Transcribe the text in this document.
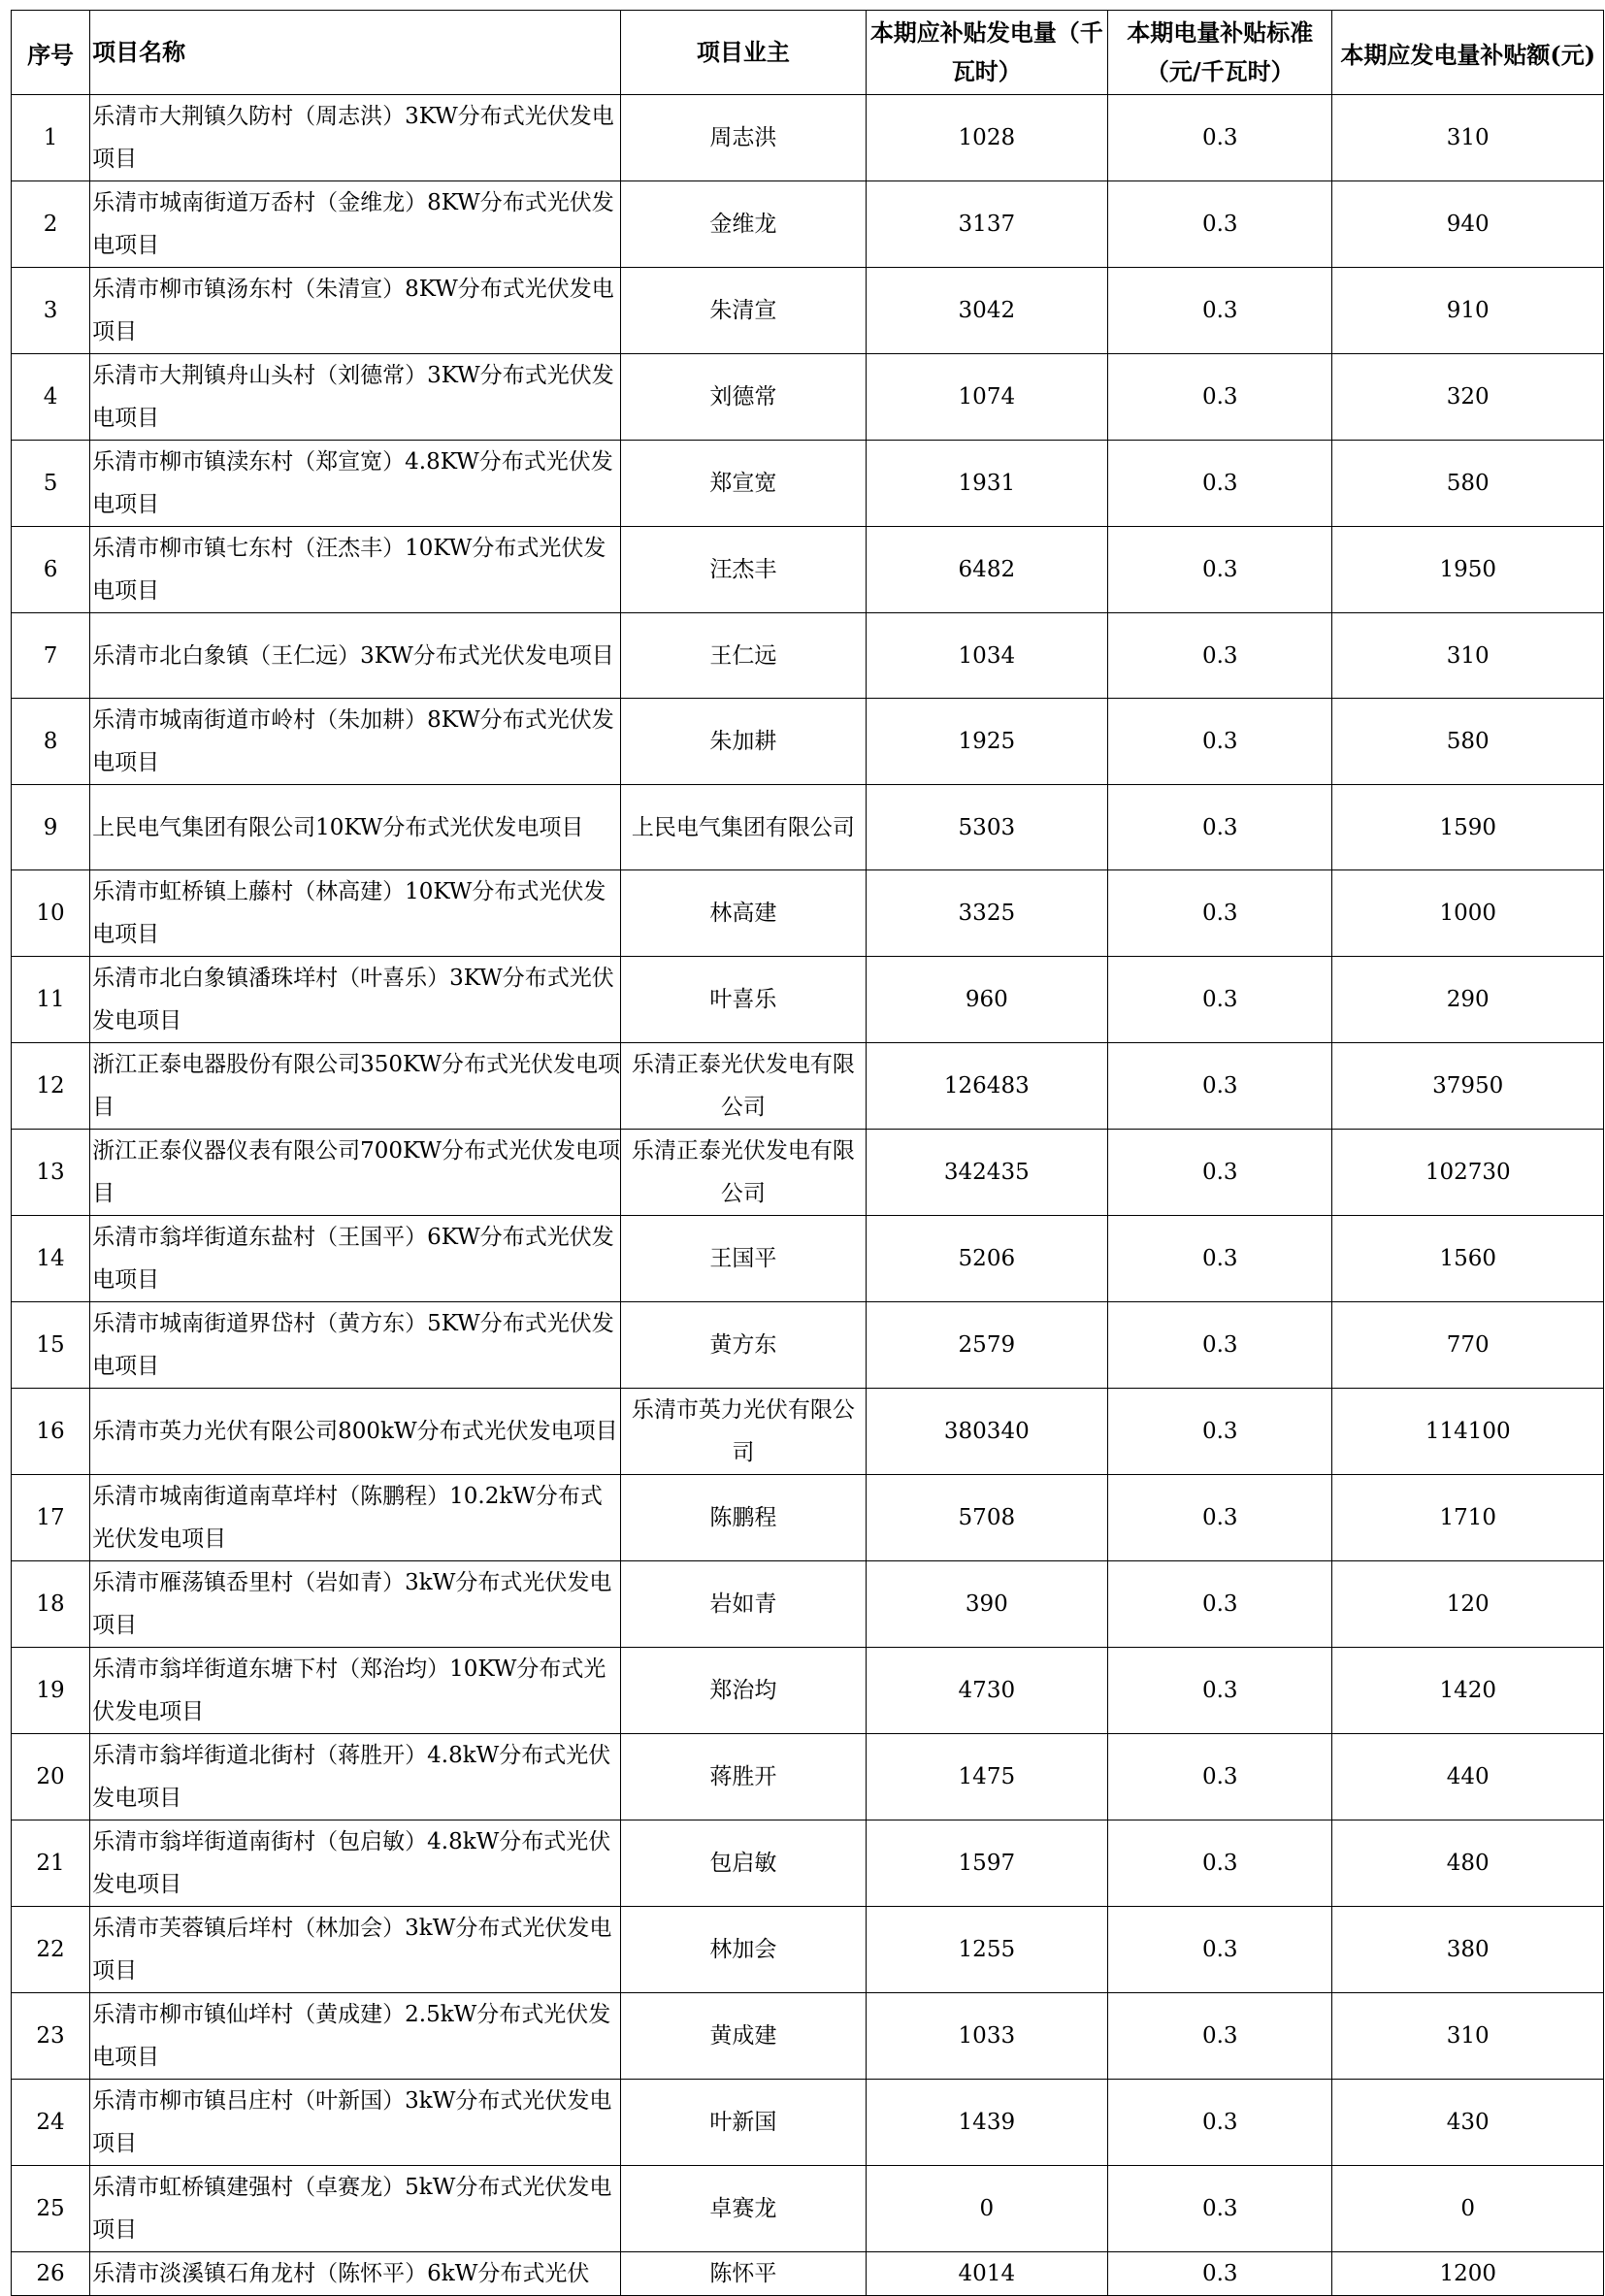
序号	项目名称	项目业主	本期应补贴发电量（千瓦时）	本期电量补贴标准（元/千瓦时）	本期应发电量补贴额(元)
1	乐清市大荆镇久防村（周志洪）3KW分布式光伏发电项目	周志洪	1028	0.3	310
2	乐清市城南街道万岙村（金维龙）8KW分布式光伏发电项目	金维龙	3137	0.3	940
3	乐清市柳市镇汤东村（朱清宣）8KW分布式光伏发电项目	朱清宣	3042	0.3	910
4	乐清市大荆镇舟山头村（刘德常）3KW分布式光伏发电项目	刘德常	1074	0.3	320
5	乐清市柳市镇渎东村（郑宣宽）4.8KW分布式光伏发电项目	郑宣宽	1931	0.3	580
6	乐清市柳市镇七东村（汪杰丰）10KW分布式光伏发电项目	汪杰丰	6482	0.3	1950
7	乐清市北白象镇（王仁远）3KW分布式光伏发电项目	王仁远	1034	0.3	310
8	乐清市城南街道市岭村（朱加耕）8KW分布式光伏发电项目	朱加耕	1925	0.3	580
9	上民电气集团有限公司10KW分布式光伏发电项目	上民电气集团有限公司	5303	0.3	1590
10	乐清市虹桥镇上藤村（林高建）10KW分布式光伏发电项目	林高建	3325	0.3	1000
11	乐清市北白象镇潘珠垟村（叶喜乐）3KW分布式光伏发电项目	叶喜乐	960	0.3	290
12	浙江正泰电器股份有限公司350KW分布式光伏发电项目	乐清正泰光伏发电有限公司	126483	0.3	37950
13	浙江正泰仪器仪表有限公司700KW分布式光伏发电项目	乐清正泰光伏发电有限公司	342435	0.3	102730
14	乐清市翁垟街道东盐村（王国平）6KW分布式光伏发电项目	王国平	5206	0.3	1560
15	乐清市城南街道界岱村（黄方东）5KW分布式光伏发电项目	黄方东	2579	0.3	770
16	乐清市英力光伏有限公司800kW分布式光伏发电项目	乐清市英力光伏有限公司	380340	0.3	114100
17	乐清市城南街道南草垟村（陈鹏程）10.2kW分布式光伏发电项目	陈鹏程	5708	0.3	1710
18	乐清市雁荡镇岙里村（岩如青）3kW分布式光伏发电项目	岩如青	390	0.3	120
19	乐清市翁垟街道东塘下村（郑治均）10KW分布式光伏发电项目	郑治均	4730	0.3	1420
20	乐清市翁垟街道北街村（蒋胜开）4.8kW分布式光伏发电项目	蒋胜开	1475	0.3	440
21	乐清市翁垟街道南街村（包启敏）4.8kW分布式光伏发电项目	包启敏	1597	0.3	480
22	乐清市芙蓉镇后垟村（林加会）3kW分布式光伏发电项目	林加会	1255	0.3	380
23	乐清市柳市镇仙垟村（黄成建）2.5kW分布式光伏发电项目	黄成建	1033	0.3	310
24	乐清市柳市镇吕庄村（叶新国）3kW分布式光伏发电项目	叶新国	1439	0.3	430
25	乐清市虹桥镇建强村（卓赛龙）5kW分布式光伏发电项目	卓赛龙	0	0.3	0
26	乐清市淡溪镇石角龙村（陈怀平）6kW分布式光伏	陈怀平	4014	0.3	1200
